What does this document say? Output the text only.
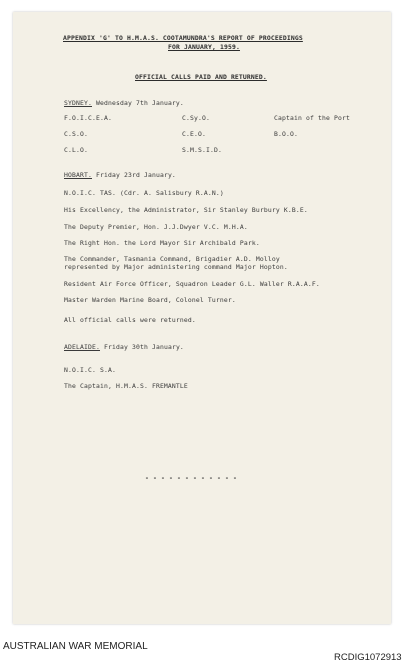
APPENDIX 'G' TO H.M.A.S. COOTAMUNDRA'S REPORT OF PROCEEDINGS
FOR JANUARY, 1959.
OFFICIAL CALLS PAID AND RETURNED.
SYDNEY. Wednesday 7th January.
F.O.I.C.E.A.	C.Sy.O.	Captain of the Port
C.S.O.	C.E.O.	B.O.O.
C.L.O.	S.M.S.I.D.
HOBART. Friday 23rd January.
N.O.I.C. TAS. (Cdr. A. Salisbury R.A.N.)
His Excellency, the Administrator, Sir Stanley Burbury K.B.E.
The Deputy Premier, Hon. J.J.Dwyer V.C. M.H.A.
The Right Hon. the Lord Mayor Sir Archibald Park.
The Commander, Tasmania Command, Brigadier A.D. Molloy
represented by Major administering command Major Hopton.
Resident Air Force Officer, Squadron Leader G.L. Waller R.A.A.F.
Master Warden Marine Board, Colonel Turner.
All official calls were returned.
ADELAIDE. Friday 30th January.
N.O.I.C. S.A.
The Captain, H.M.A.S. FREMANTLE
- - - - - - - - - - - -
AUSTRALIAN WAR MEMORIAL
RCDIG1072913
